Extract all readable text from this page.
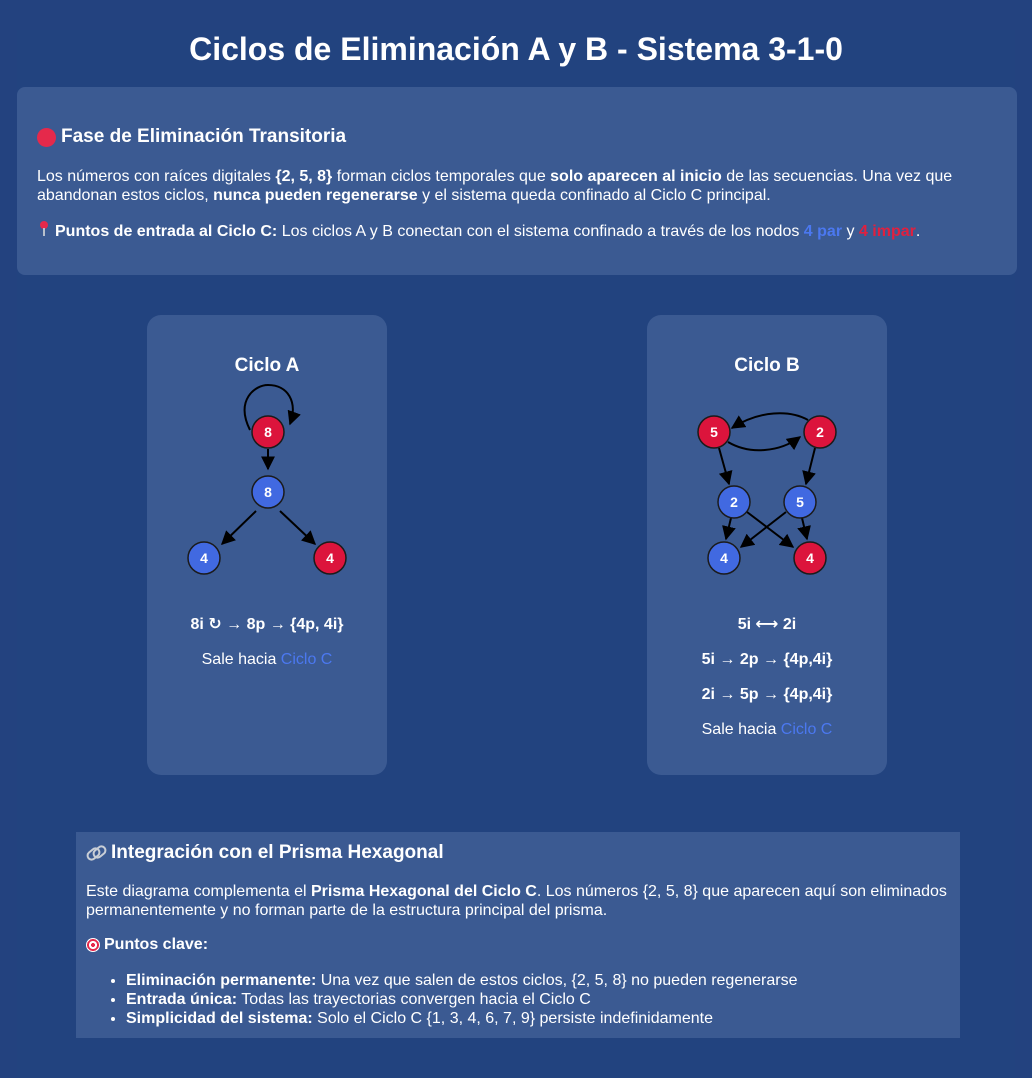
Ciclos de Eliminación A y B - Sistema 3-1-0
Fase de Eliminación Transitoria

Los números con raíces digitales {2, 5, 8} forman ciclos temporales que solo aparecen al inicio de las secuencias. Una vez que abandonan estos ciclos, nunca pueden regenerarse y el sistema queda confinado al Ciclo C principal.

Puntos de entrada al Ciclo C: Los ciclos A y B conectan con el sistema confinado a través de los nodos 4 par y 4 impar.

Ciclo A	Ciclo B
8
8
4	4
5	2
2	5
4	4
8i ↻ → 8p → {4p, 4i}
Sale hacia Ciclo C
5i ⟷ 2i
5i → 2p → {4p,4i}
2i → 5p → {4p,4i}
Sale hacia Ciclo C
Integración con el Prisma Hexagonal

Este diagrama complementa el Prisma Hexagonal del Ciclo C. Los números {2, 5, 8} que aparecen aquí son eliminados permanentemente y no forman parte de la estructura principal del prisma.

Puntos clave:

• Eliminación permanente: Una vez que salen de estos ciclos, {2, 5, 8} no pueden regenerarse
• Entrada única: Todas las trayectorias convergen hacia el Ciclo C
• Simplicidad del sistema: Solo el Ciclo C {1, 3, 4, 6, 7, 9} persiste indefinidamente
